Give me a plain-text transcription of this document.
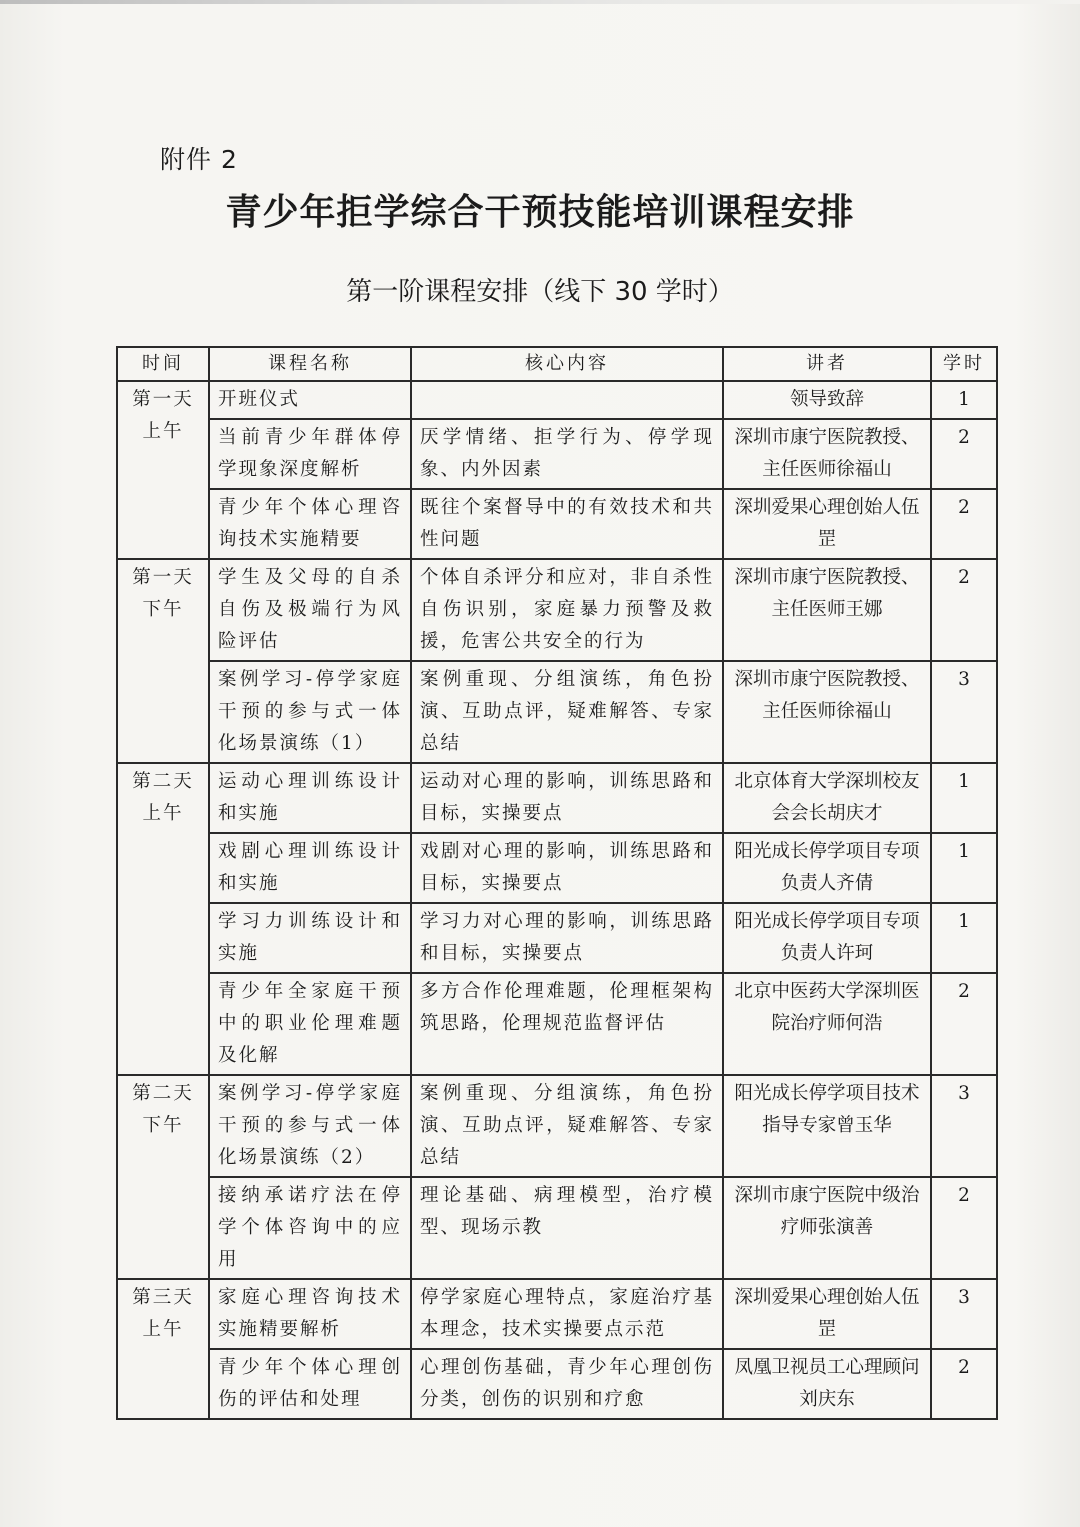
附件 2
青少年拒学综合干预技能培训课程安排
第一阶课程安排（线下 30 学时）
时间	课程名称	核心内容	讲者	学时

第一天
上午	开班仪式		领导致辞	1
	当前青少年群体停学现象深度解析	厌学情绪、拒学行为、停学现象、内外因素	深圳市康宁医院教授、主任医师徐福山	2
	青少年个体心理咨询技术实施精要	既往个案督导中的有效技术和共性问题	深圳爱果心理创始人伍罡	2

第一天
下午	学生及父母的自杀自伤及极端行为风险评估	个体自杀评分和应对，非自杀性自伤识别，家庭暴力预警及救援，危害公共安全的行为	深圳市康宁医院教授、主任医师王娜	2
	案例学习-停学家庭干预的参与式一体化场景演练（1）	案例重现、分组演练，角色扮演、互助点评，疑难解答、专家总结	深圳市康宁医院教授、主任医师徐福山	3

第二天
上午	运动心理训练设计和实施	运动对心理的影响，训练思路和目标，实操要点	北京体育大学深圳校友会会长胡庆才	1
	戏剧心理训练设计和实施	戏剧对心理的影响，训练思路和目标，实操要点	阳光成长停学项目专项负责人齐倩	1
	学习力训练设计和实施	学习力对心理的影响，训练思路和目标，实操要点	阳光成长停学项目专项负责人许珂	1
	青少年全家庭干预中的职业伦理难题及化解	多方合作伦理难题，伦理框架构筑思路，伦理规范监督评估	北京中医药大学深圳医院治疗师何浩	2

第二天
下午	案例学习-停学家庭干预的参与式一体化场景演练（2）	案例重现、分组演练，角色扮演、互助点评，疑难解答、专家总结	阳光成长停学项目技术指导专家曾玉华	3
	接纳承诺疗法在停学个体咨询中的应用	理论基础、病理模型，治疗模型、现场示教	深圳市康宁医院中级治疗师张演善	2

第三天
上午	家庭心理咨询技术实施精要解析	停学家庭心理特点，家庭治疗基本理念，技术实操要点示范	深圳爱果心理创始人伍罡	3
	青少年个体心理创伤的评估和处理	心理创伤基础，青少年心理创伤分类，创伤的识别和疗愈	凤凰卫视员工心理顾问刘庆东	2
